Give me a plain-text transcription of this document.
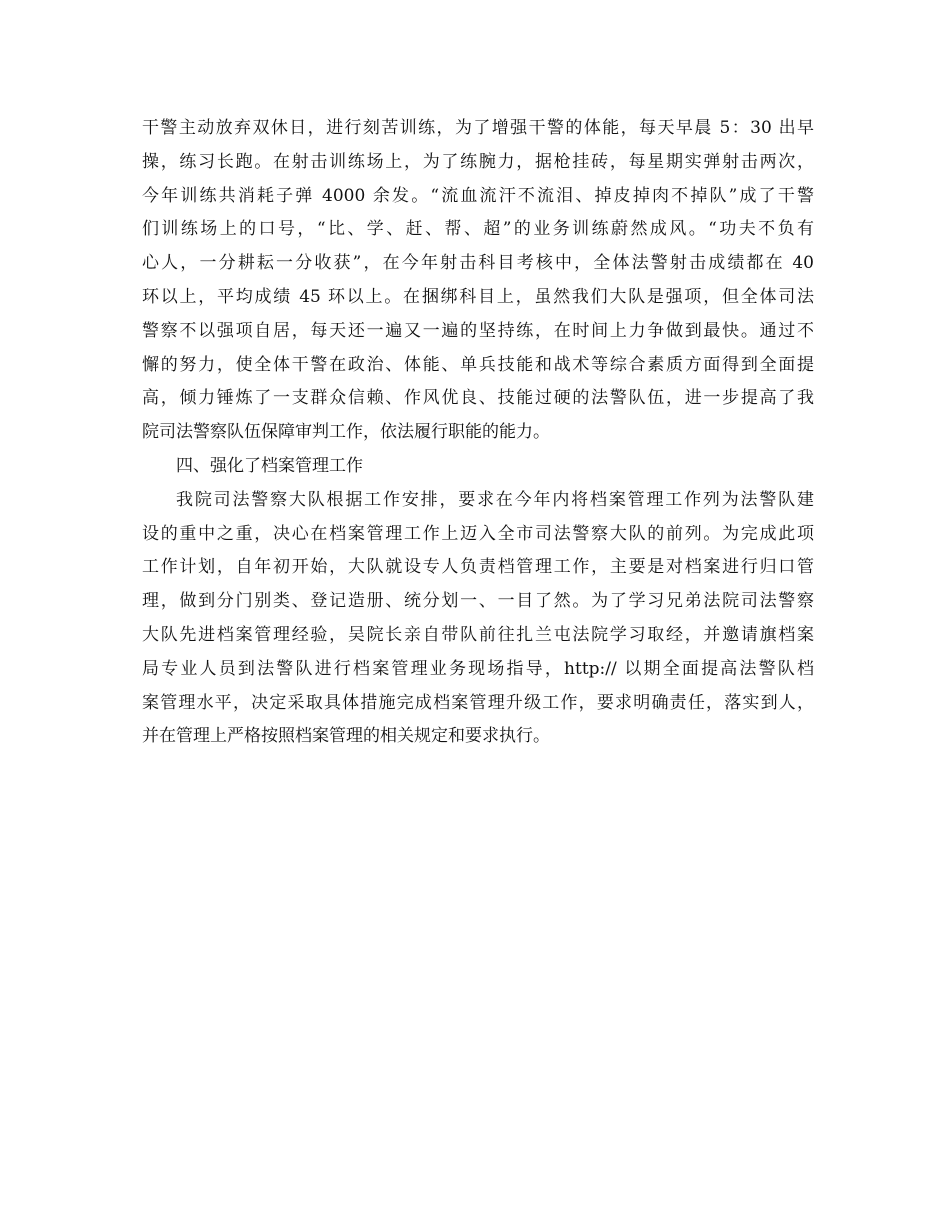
干警主动放弃双休日，进行刻苦训练，为了增强干警的体能，每天早晨 5：30 出早
操，练习长跑。在射击训练场上，为了练腕力，据枪挂砖，每星期实弹射击两次，
今年训练共消耗子弹 4000 余发。“流血流汗不流泪、掉皮掉肉不掉队”成了干警
们训练场上的口号，“比、学、赶、帮、超”的业务训练蔚然成风。“功夫不负有
心人，一分耕耘一分收获”，在今年射击科目考核中，全体法警射击成绩都在 40
环以上，平均成绩 45 环以上。在捆绑科目上，虽然我们大队是强项，但全体司法
警察不以强项自居，每天还一遍又一遍的坚持练，在时间上力争做到最快。通过不
懈的努力，使全体干警在政治、体能、单兵技能和战术等综合素质方面得到全面提
高，倾力锤炼了一支群众信赖、作风优良、技能过硬的法警队伍，进一步提高了我
院司法警察队伍保障审判工作，依法履行职能的能力。
四、强化了档案管理工作
我院司法警察大队根据工作安排，要求在今年内将档案管理工作列为法警队建
设的重中之重，决心在档案管理工作上迈入全市司法警察大队的前列。为完成此项
工作计划，自年初开始，大队就设专人负责档管理工作，主要是对档案进行归口管
理，做到分门别类、登记造册、统分划一、一目了然。为了学习兄弟法院司法警察
大队先进档案管理经验，吴院长亲自带队前往扎兰屯法院学习取经，并邀请旗档案
局专业人员到法警队进行档案管理业务现场指导，http:// 以期全面提高法警队档
案管理水平，决定采取具体措施完成档案管理升级工作，要求明确责任，落实到人，
并在管理上严格按照档案管理的相关规定和要求执行。
